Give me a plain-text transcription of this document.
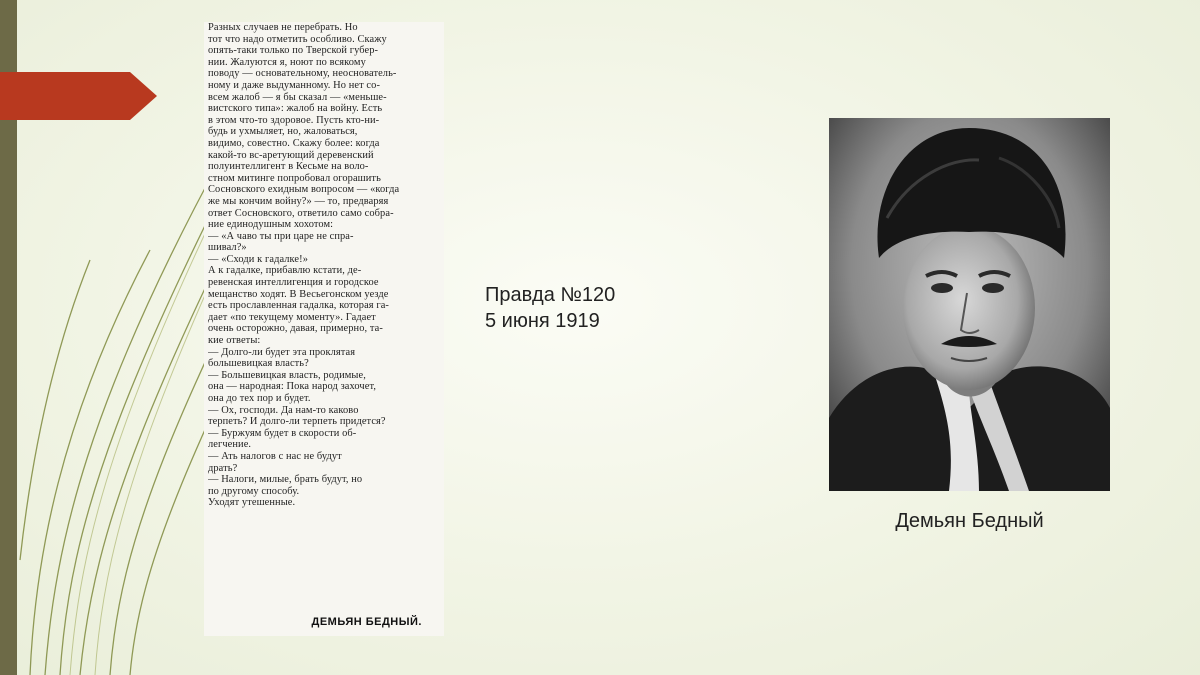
Разных случаев не перебрать. Но
тот что надо отметить особливо. Скажу
опять-таки только по Тверской губер-
нии. Жалуются я, ноют по всякому
поводу — основательному, неоснователь-
ному и даже выдуманному. Но нет со-
всем жалоб — я бы сказал — «меньше-
вистского типа»: жалоб на войну. Есть
в этом что-то здоровое. Пусть кто-ни-
будь и ухмыляет, но, жаловаться,
видимо, совестно. Скажу более: когда
какой-то вс-аретующий деревенский
полуинтеллигент в Кесьме на воло-
стном митинге попробовал огорашить
Сосновского ехидным вопросом — «когда
же мы кончим войну?» — то, предваряя
ответ Сосновского, ответило само собра-
ние единодушным хохотом:
— «А чаво ты при царе не спра-
шивал?»
— «Сходи к гадалке!»
А к гадалке, прибавлю кстати, де-
ревенская интеллигенция и городское
мещанство ходят. В Весьегонском уезде
есть прославленная гадалка, которая га-
дает «по текущему моменту». Гадает
очень осторожно, давая, примерно, та-
кие ответы:
— Долго-ли будет эта проклятая
большевицкая власть?
— Большевицкая власть, родимые,
она — народная: Пока народ захочет,
она до тех пор и будет.
— Ох, господи. Да нам-то каково
терпеть? И долго-ли терпеть придется?
— Буржуям будет в скорости об-
легчение.
— Ать налогов с нас не будут
драть?
— Налоги, милые, брать будут, но
по другому способу.
Уходят утешенные.
ДЕМЬЯН БЕДНЫЙ.
Правда №120
5 июня 1919
Демьян Бедный
